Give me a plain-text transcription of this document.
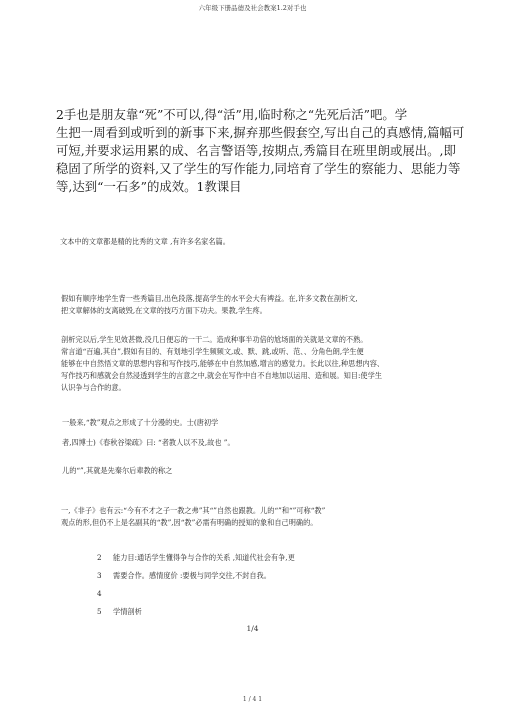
六年级下册品德及社会教案1.2对手也
2手也是朋友靠“死”不可以,得“活”用,临时称之“先死后活”吧。学
生把一周看到或听到的新事下来,摒弃那些假套空,写出自己的真感情,篇幅可
可短,并要求运用累的成、名言警语等,按期点,秀篇目在班里朗或展出。,即
稳固了所学的资料,又了学生的写作能力,同培育了学生的察能力、思能力等
等,达到“一石多”的成效。1教课目
文本中的文章都是精的比秀的文章 ,有许多名家名篇。
假如有顺序地学生背一些秀篇目,出色段落,提高学生的水平会大有裨益。在,许多文教在剖析文,
把文章解体的支离破毁,在文章的技巧方面下功夫。果教,学生疼。
剖析完以后,学生见效甚微,没几日便忘的一干二。造成种事半功倍的尬场面的关就是文章的不熟。
常言道“百遍,其自”,假如有目的、有划地引学生频频文,或、默、跳,或听、范、、分角色朗,学生便
能够在中自然悟文章的思想内容和写作技巧,能够在中自然加感,增言的感觉力。长此以往,种思想内容、
写作技巧和感就会自然浸透到学生的言意之中,就会在写作中自不自地加以运用、造和展。知目:使学生
认识争与合作的意。
一般来,“教”观点之形成了十分漫的史。士(唐初学
者,四博士)《春秋谷梁疏》曰: “者教人以不及,故也 ”。
儿的“”,其就是先秦尔后辈教的称之
一,《非子》也有云:“今有不才之子一教之弗”其“”自然也跟教。儿的“”和“”可称“教”
观点的形,但仍不上是名副其的“教”,因“教”必需有明确的授知的象和自己明确的。
2 能力目:通话学生懂得争与合作的关系 ,知道代社会有争,更
3 需要合作。感情度价 :要极与同学交往,不封自我。
4
5 学情剖析
1/4
1 / 4 1
